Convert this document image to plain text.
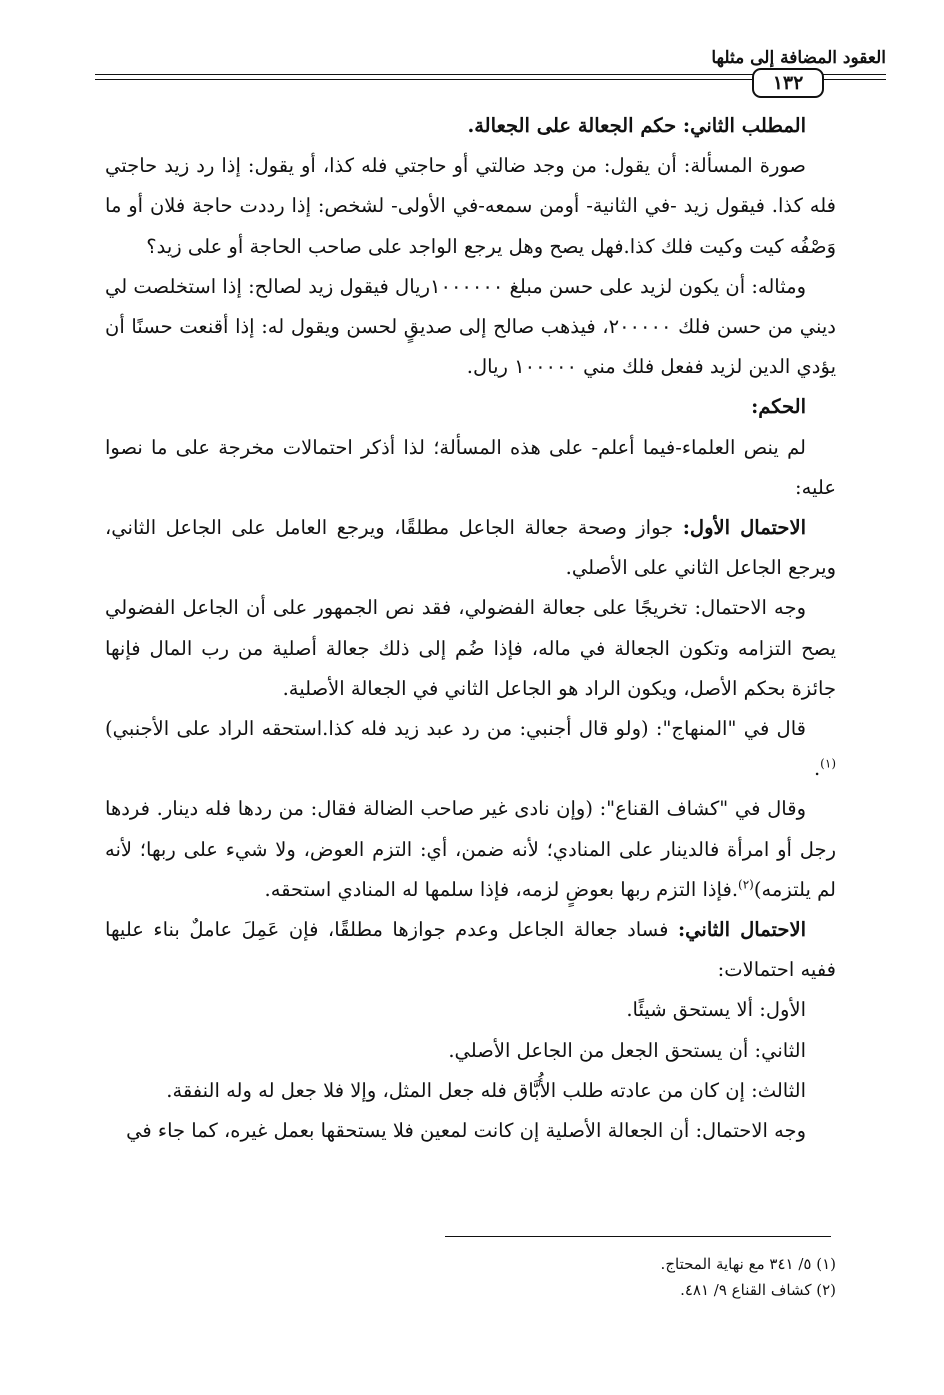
العقود المضافة إلى مثلها
١٣٢

المطلب الثاني: حكم الجعالة على الجعالة.

صورة المسألة: أن يقول: من وجد ضالتي أو حاجتي فله كذا، أو يقول: إذا رد زيد حاجتي فله كذا. فيقول زيد -في الثانية- أومن سمعه-في الأولى- لشخص: إذا رددت حاجة فلان أو ما وَصْفُه كيت وكيت فلك كذا.فهل يصح وهل يرجع الواجد على صاحب الحاجة أو على زيد؟

ومثاله: أن يكون لزيد على حسن مبلغ ١٠٠٠٠٠٠ريال فيقول زيد لصالح: إذا استخلصت لي ديني من حسن فلك ٢٠٠٠٠٠، فيذهب صالح إلى صديقٍ لحسن ويقول له: إذا أقنعت حسنًا أن يؤدي الدين لزيد ففعل فلك مني ١٠٠٠٠٠ ريال.

الحكم:

لم ينص العلماء-فيما أعلم- على هذه المسألة؛ لذا أذكر احتمالات مخرجة على ما نصوا عليه:

الاحتمال الأول: جواز وصحة جعالة الجاعل مطلقًا، ويرجع العامل على الجاعل الثاني، ويرجع الجاعل الثاني على الأصلي.

وجه الاحتمال: تخريجًا على جعالة الفضولي، فقد نص الجمهور على أن الجاعل الفضولي يصح التزامه وتكون الجعالة في ماله، فإذا ضُم إلى ذلك جعالة أصلية من رب المال فإنها جائزة بحكم الأصل، ويكون الراد هو الجاعل الثاني في الجعالة الأصلية.

قال في "المنهاج": (ولو قال أجنبي: من رد عبد زيد فله كذا.استحقه الراد على الأجنبي)$^{(١)}$.

وقال في "كشاف القناع": (وإن نادى غير صاحب الضالة فقال: من ردها فله دينار. فردها رجل أو امرأة فالدينار على المنادي؛ لأنه ضمن، أي: التزم العوض، ولا شيء على ربها؛ لأنه لم يلتزمه)$^{(٢)}$.فإذا التزم ربها بعوضٍ لزمه، فإذا سلمها له المنادي استحقه.

الاحتمال الثاني: فساد جعالة الجاعل وعدم جوازها مطلقًا، فإن عَمِلَ عاملٌ بناء عليها ففيه احتمالات:

الأول: ألا يستحق شيئًا.

الثاني: أن يستحق الجعل من الجاعل الأصلي.

الثالث: إن كان من عادته طلب الأُبَّاق فله جعل المثل، وإلا فلا جعل له وله النفقة.

وجه الاحتمال: أن الجعالة الأصلية إن كانت لمعين فلا يستحقها بعمل غيره، كما جاء في

(١) ٥/ ٣٤١ مع نهاية المحتاج.

(٢) كشاف القناع ٩/ ٤٨١.
